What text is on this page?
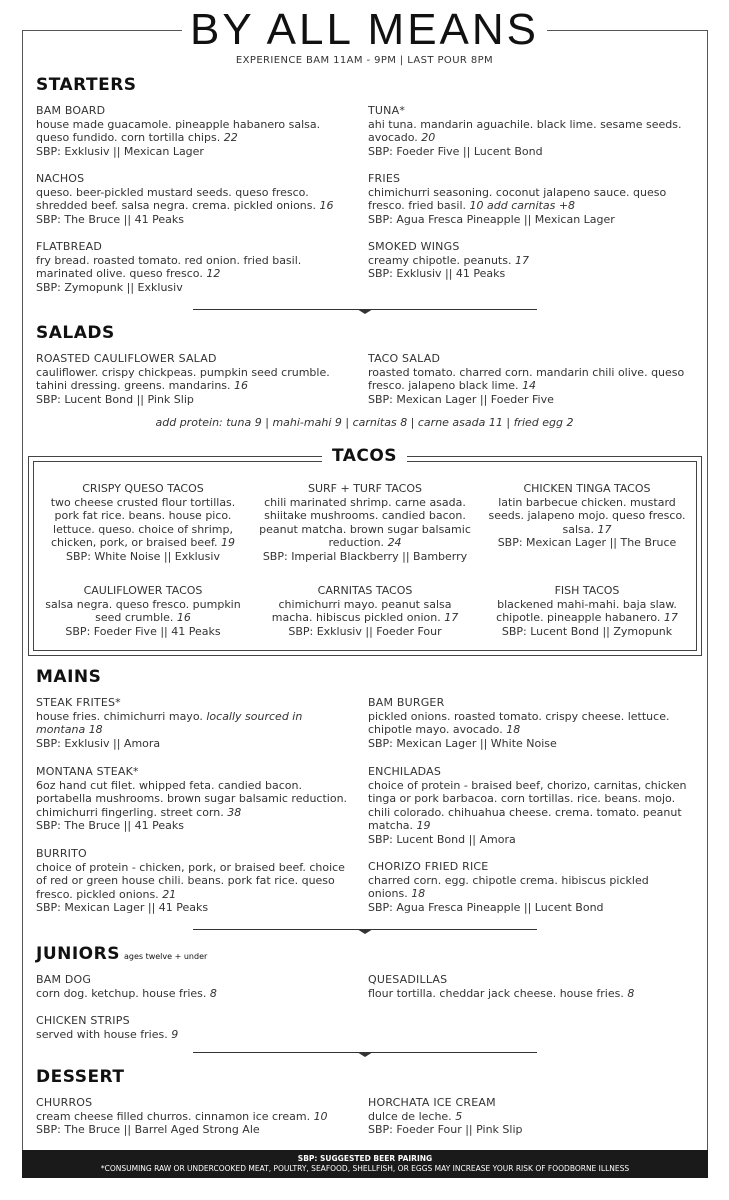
BY ALL MEANS
EXPERIENCE BAM 11AM - 9PM | LAST POUR 8PM
STARTERS
BAM BOARD
house made guacamole. pineapple habanero salsa. queso fundido. corn tortilla chips. 22
SBP: Exklusiv || Mexican Lager
TUNA*
ahi tuna. mandarin aguachile. black lime. sesame seeds. avocado. 20
SBP: Foeder Five || Lucent Bond
NACHOS
queso. beer-pickled mustard seeds. queso fresco. shredded beef. salsa negra. crema. pickled onions. 16
SBP: The Bruce || 41 Peaks
FRIES
chimichurri seasoning. coconut jalapeno sauce. queso fresco. fried basil. 10 add carnitas +8
SBP: Agua Fresca Pineapple || Mexican Lager
FLATBREAD
fry bread. roasted tomato. red onion. fried basil. marinated olive. queso fresco. 12
SBP: Zymopunk || Exklusiv
SMOKED WINGS
creamy chipotle. peanuts. 17
SBP: Exklusiv || 41 Peaks
SALADS
ROASTED CAULIFLOWER SALAD
cauliflower. crispy chickpeas. pumpkin seed crumble. tahini dressing. greens. mandarins. 16
SBP: Lucent Bond || Pink Slip
TACO SALAD
roasted tomato. charred corn. mandarin chili olive. queso fresco. jalapeno black lime. 14
SBP: Mexican Lager || Foeder Five
add protein: tuna 9 | mahi-mahi 9 | carnitas 8 | carne asada 11 | fried egg 2
TACOS
CRISPY QUESO TACOS
two cheese crusted flour tortillas. pork fat rice. beans. house pico. lettuce. queso. choice of shrimp, chicken, pork, or braised beef. 19
SBP: White Noise || Exklusiv
SURF + TURF TACOS
chili marinated shrimp. carne asada. shiitake mushrooms. candied bacon. peanut matcha. brown sugar balsamic reduction. 24
SBP: Imperial Blackberry || Bamberry
CHICKEN TINGA TACOS
latin barbecue chicken. mustard seeds. jalapeno mojo. queso fresco. salsa. 17
SBP: Mexican Lager || The Bruce
CAULIFLOWER TACOS
salsa negra. queso fresco. pumpkin seed crumble. 16
SBP: Foeder Five || 41 Peaks
CARNITAS TACOS
chimichurri mayo. peanut salsa macha. hibiscus pickled onion. 17
SBP: Exklusiv || Foeder Four
FISH TACOS
blackened mahi-mahi. baja slaw. chipotle. pineapple habanero. 17
SBP: Lucent Bond || Zymopunk
MAINS
STEAK FRITES*
house fries. chimichurri mayo. locally sourced in montana 18
SBP: Exklusiv || Amora
BAM BURGER
pickled onions. roasted tomato. crispy cheese. lettuce. chipotle mayo. avocado. 18
SBP: Mexican Lager || White Noise
MONTANA STEAK*
6oz hand cut filet. whipped feta. candied bacon. portabella mushrooms. brown sugar balsamic reduction. chimichurri fingerling. street corn. 38
SBP: The Bruce || 41 Peaks
ENCHILADAS
choice of protein - braised beef, chorizo, carnitas, chicken tinga or pork barbacoa. corn tortillas. rice. beans. mojo. chili colorado. chihuahua cheese. crema. tomato. peanut matcha. 19
SBP: Lucent Bond || Amora
BURRITO
choice of protein - chicken, pork, or braised beef. choice of red or green house chili. beans. pork fat rice. queso fresco. pickled onions. 21
SBP: Mexican Lager || 41 Peaks
CHORIZO FRIED RICE
charred corn. egg. chipotle crema. hibiscus pickled onions. 18
SBP: Agua Fresca Pineapple || Lucent Bond
JUNIORS ages twelve + under
BAM DOG
corn dog. ketchup. house fries. 8
QUESADILLAS
flour tortilla. cheddar jack cheese. house fries. 8
CHICKEN STRIPS
served with house fries. 9
DESSERT
CHURROS
cream cheese filled churros. cinnamon ice cream. 10
SBP: The Bruce || Barrel Aged Strong Ale
HORCHATA ICE CREAM
dulce de leche. 5
SBP: Foeder Four || Pink Slip
SBP: SUGGESTED BEER PAIRING
*CONSUMING RAW OR UNDERCOOKED MEAT, POULTRY, SEAFOOD, SHELLFISH, OR EGGS MAY INCREASE YOUR RISK OF FOODBORNE ILLNESS
